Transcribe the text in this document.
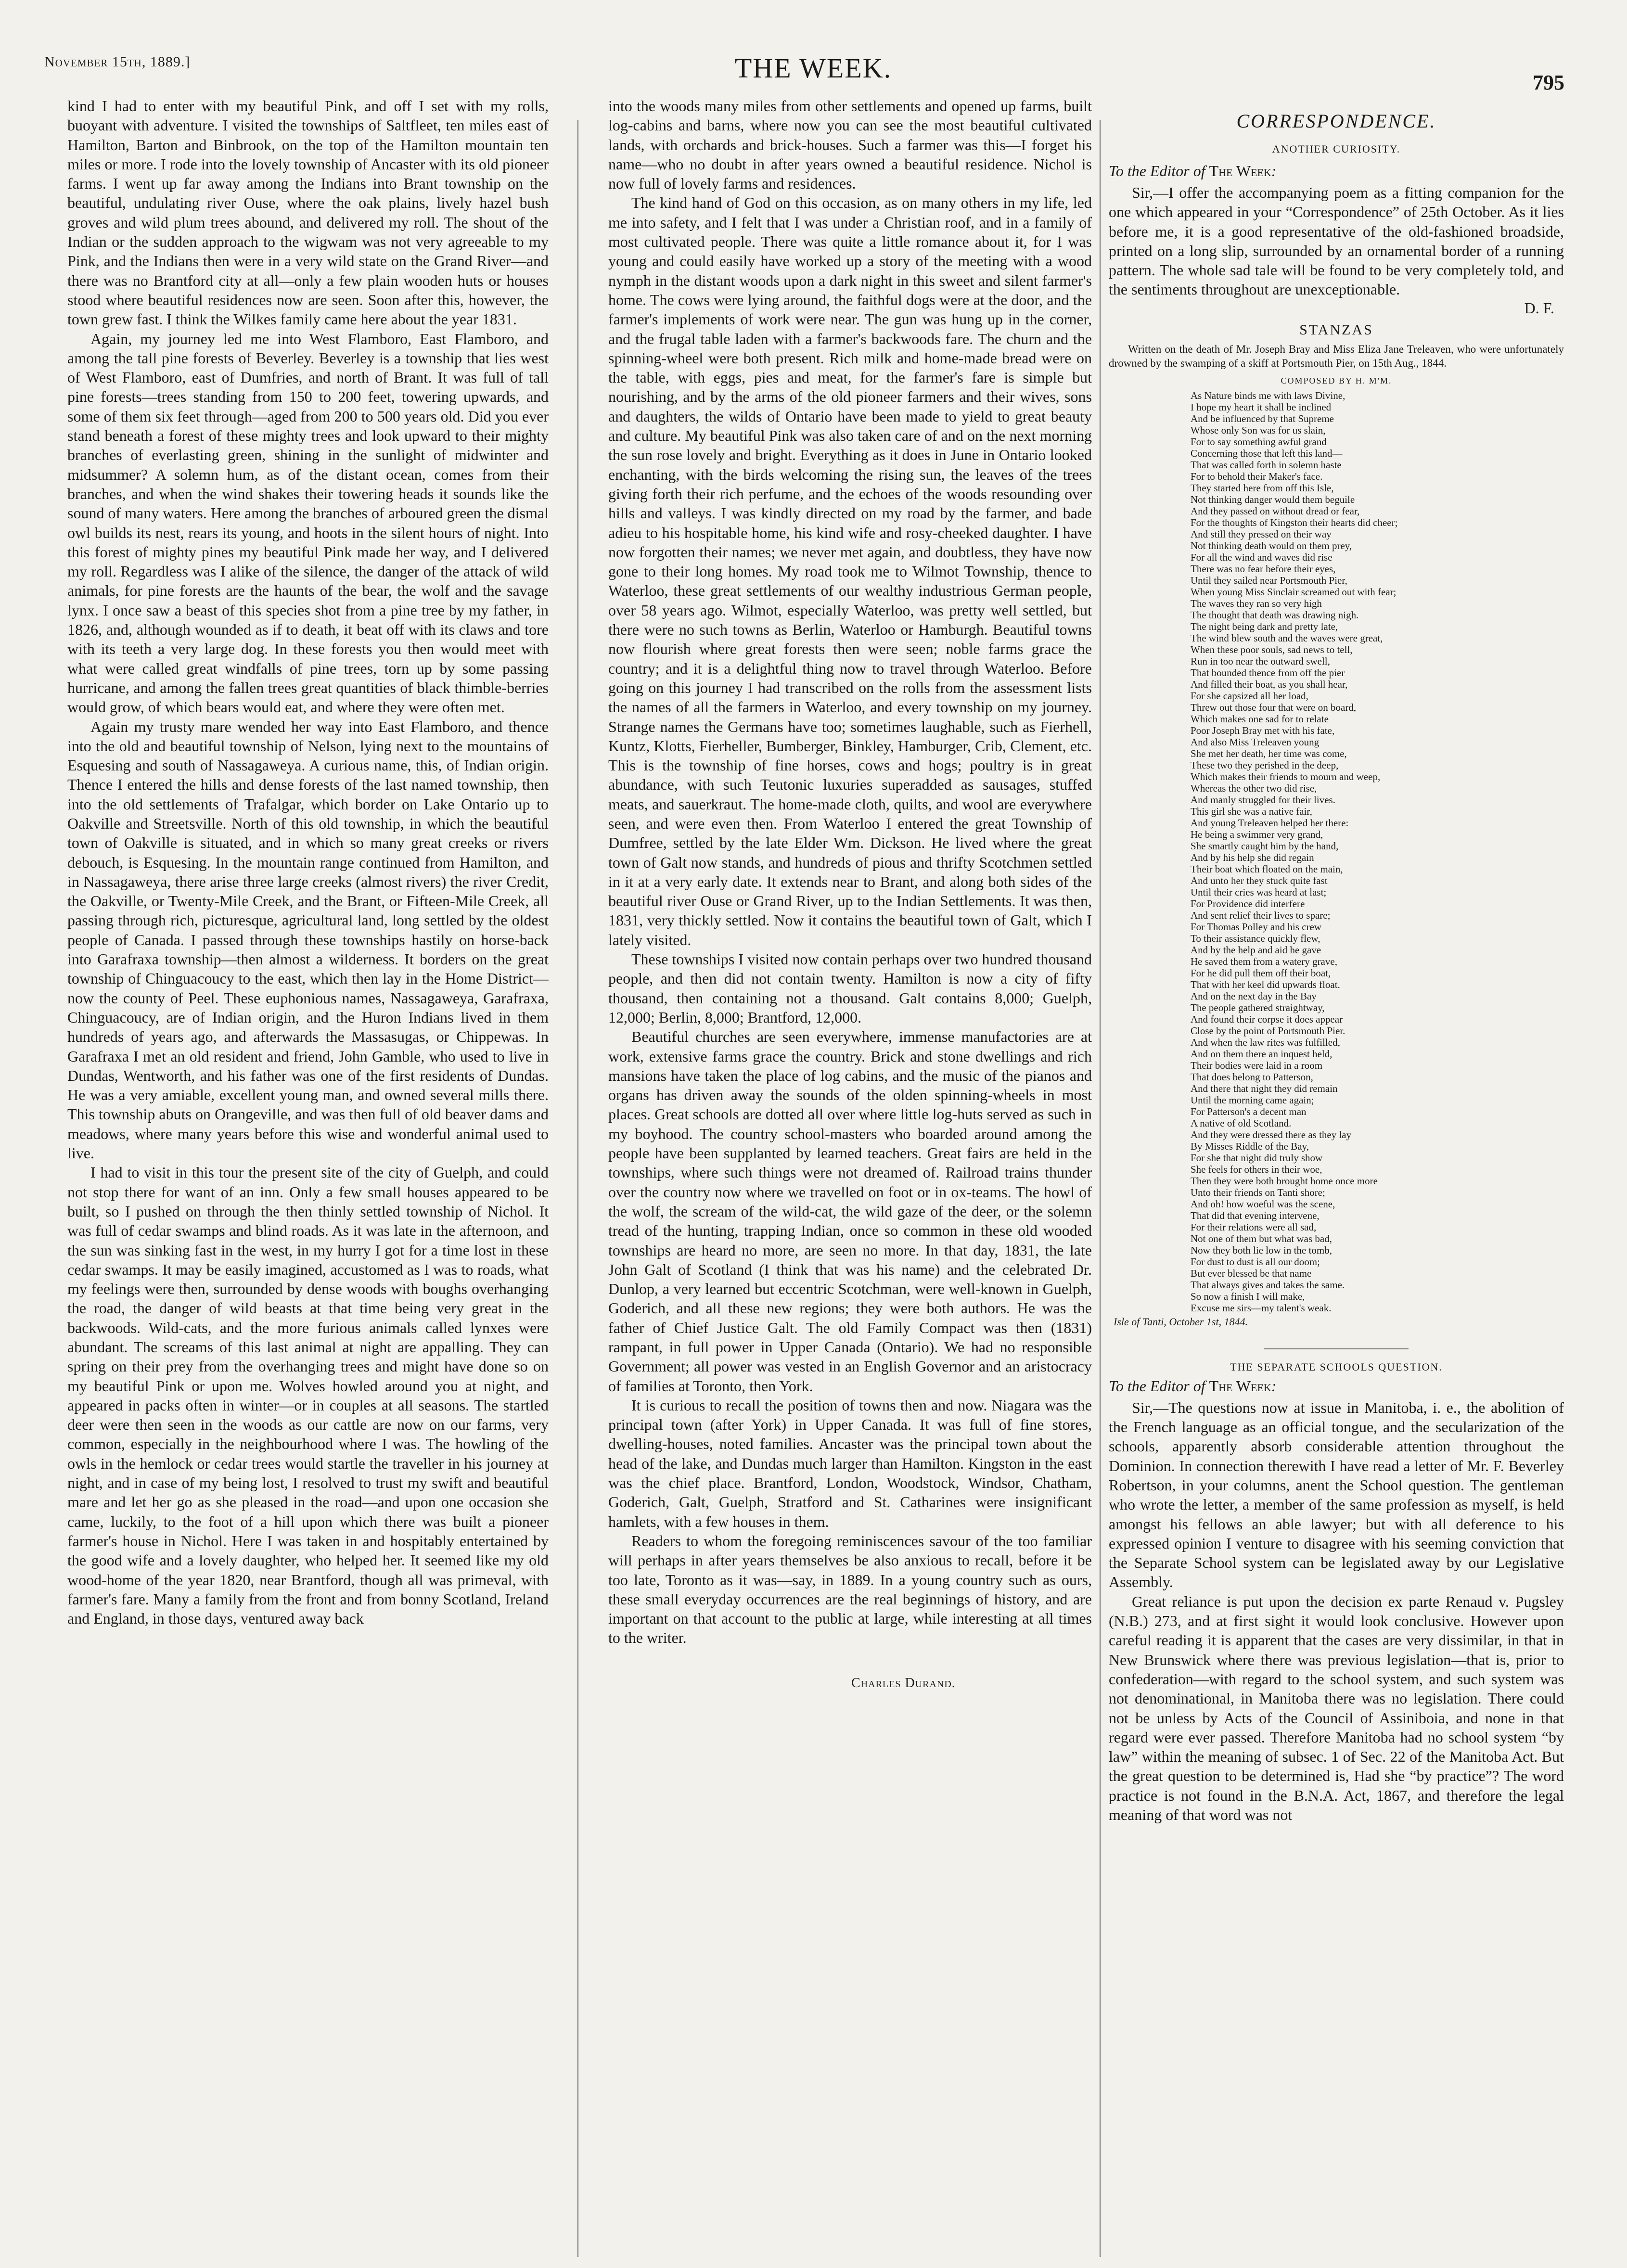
November 15th, 1889.]	THE WEEK.	795

kind I had to enter with my beautiful Pink, and off I set with my rolls, buoyant with adventure. I visited the townships of Saltfleet, ten miles east of Hamilton, Barton and Binbrook, on the top of the Hamilton mountain ten miles or more. I rode into the lovely township of Ancaster with its old pioneer farms. I went up far away among the Indians into Brant township on the beautiful, undulating river Ouse, where the oak plains, lively hazel bush groves and wild plum trees abound, and delivered my roll. The shout of the Indian or the sudden approach to the wigwam was not very agreeable to my Pink, and the Indians then were in a very wild state on the Grand River—and there was no Brantford city at all—only a few plain wooden huts or houses stood where beautiful residences now are seen. Soon after this, however, the town grew fast. I think the Wilkes family came here about the year 1831.

Again, my journey led me into West Flamboro, East Flamboro, and among the tall pine forests of Beverley. Beverley is a township that lies west of West Flamboro, east of Dumfries, and north of Brant. It was full of tall pine forests—trees standing from 150 to 200 feet, towering upwards, and some of them six feet through—aged from 200 to 500 years old. Did you ever stand beneath a forest of these mighty trees and look upward to their mighty branches of everlasting green, shining in the sunlight of midwinter and midsummer? A solemn hum, as of the distant ocean, comes from their branches, and when the wind shakes their towering heads it sounds like the sound of many waters. Here among the branches of arboured green the dismal owl builds its nest, rears its young, and hoots in the silent hours of night. Into this forest of mighty pines my beautiful Pink made her way, and I delivered my roll. Regardless was I alike of the silence, the danger of the attack of wild animals, for pine forests are the haunts of the bear, the wolf and the savage lynx. I once saw a beast of this species shot from a pine tree by my father, in 1826, and, although wounded as if to death, it beat off with its claws and tore with its teeth a very large dog. In these forests you then would meet with what were called great windfalls of pine trees, torn up by some passing hurricane, and among the fallen trees great quantities of black thimble-berries would grow, of which bears would eat, and where they were often met.

Again my trusty mare wended her way into East Flamboro, and thence into the old and beautiful township of Nelson, lying next to the mountains of Esquesing and south of Nassagaweya. A curious name, this, of Indian origin. Thence I entered the hills and dense forests of the last named township, then into the old settlements of Trafalgar, which border on Lake Ontario up to Oakville and Streetsville. North of this old township, in which the beautiful town of Oakville is situated, and in which so many great creeks or rivers debouch, is Esquesing. In the mountain range continued from Hamilton, and in Nassagaweya, there arise three large creeks (almost rivers) the river Credit, the Oakville, or Twenty-Mile Creek, and the Brant, or Fifteen-Mile Creek, all passing through rich, picturesque, agricultural land, long settled by the oldest people of Canada. I passed through these townships hastily on horse-back into Garafraxa township—then almost a wilderness. It borders on the great township of Chinguacoucy to the east, which then lay in the Home District—now the county of Peel. These euphonious names, Nassagaweya, Garafraxa, Chinguacoucy, are of Indian origin, and the Huron Indians lived in them hundreds of years ago, and afterwards the Massasugas, or Chippewas. In Garafraxa I met an old resident and friend, John Gamble, who used to live in Dundas, Wentworth, and his father was one of the first residents of Dundas. He was a very amiable, excellent young man, and owned several mills there. This township abuts on Orangeville, and was then full of old beaver dams and meadows, where many years before this wise and wonderful animal used to live.

I had to visit in this tour the present site of the city of Guelph, and could not stop there for want of an inn. Only a few small houses appeared to be built, so I pushed on through the then thinly settled township of Nichol. It was full of cedar swamps and blind roads. As it was late in the afternoon, and the sun was sinking fast in the west, in my hurry I got for a time lost in these cedar swamps. It may be easily imagined, accustomed as I was to roads, what my feelings were then, surrounded by dense woods with boughs overhanging the road, the danger of wild beasts at that time being very great in the backwoods. Wild-cats, and the more furious animals called lynxes were abundant. The screams of this last animal at night are appalling. They can spring on their prey from the overhanging trees and might have done so on my beautiful Pink or upon me. Wolves howled around you at night, and appeared in packs often in winter—or in couples at all seasons. The startled deer were then seen in the woods as our cattle are now on our farms, very common, especially in the neighbourhood where I was. The howling of the owls in the hemlock or cedar trees would startle the traveller in his journey at night, and in case of my being lost, I resolved to trust my swift and beautiful mare and let her go as she pleased in the road—and upon one occasion she came, luckily, to the foot of a hill upon which there was built a pioneer farmer's house in Nichol. Here I was taken in and hospitably entertained by the good wife and a lovely daughter, who helped her. It seemed like my old wood-home of the year 1820, near Brantford, though all was primeval, with farmer's fare. Many a family from the front and from bonny Scotland, Ireland and England, in those days, ventured away back

into the woods many miles from other settlements and opened up farms, built log-cabins and barns, where now you can see the most beautiful cultivated lands, with orchards and brick-houses. Such a farmer was this—I forget his name—who no doubt in after years owned a beautiful residence. Nichol is now full of lovely farms and residences.

The kind hand of God on this occasion, as on many others in my life, led me into safety, and I felt that I was under a Christian roof, and in a family of most cultivated people. There was quite a little romance about it, for I was young and could easily have worked up a story of the meeting with a wood nymph in the distant woods upon a dark night in this sweet and silent farmer's home. The cows were lying around, the faithful dogs were at the door, and the farmer's implements of work were near. The gun was hung up in the corner, and the frugal table laden with a farmer's backwoods fare. The churn and the spinning-wheel were both present. Rich milk and home-made bread were on the table, with eggs, pies and meat, for the farmer's fare is simple but nourishing, and by the arms of the old pioneer farmers and their wives, sons and daughters, the wilds of Ontario have been made to yield to great beauty and culture. My beautiful Pink was also taken care of and on the next morning the sun rose lovely and bright. Everything as it does in June in Ontario looked enchanting, with the birds welcoming the rising sun, the leaves of the trees giving forth their rich perfume, and the echoes of the woods resounding over hills and valleys. I was kindly directed on my road by the farmer, and bade adieu to his hospitable home, his kind wife and rosy-cheeked daughter. I have now forgotten their names; we never met again, and doubtless, they have now gone to their long homes. My road took me to Wilmot Township, thence to Waterloo, these great settlements of our wealthy industrious German people, over 58 years ago. Wilmot, especially Waterloo, was pretty well settled, but there were no such towns as Berlin, Waterloo or Hamburgh. Beautiful towns now flourish where great forests then were seen; noble farms grace the country; and it is a delightful thing now to travel through Waterloo. Before going on this journey I had transcribed on the rolls from the assessment lists the names of all the farmers in Waterloo, and every township on my journey. Strange names the Germans have too; sometimes laughable, such as Fierhell, Kuntz, Klotts, Fierheller, Bumberger, Binkley, Hamburger, Crib, Clement, etc. This is the township of fine horses, cows and hogs; poultry is in great abundance, with such Teutonic luxuries superadded as sausages, stuffed meats, and sauerkraut. The home-made cloth, quilts, and wool are everywhere seen, and were even then. From Waterloo I entered the great Township of Dumfree, settled by the late Elder Wm. Dickson. He lived where the great town of Galt now stands, and hundreds of pious and thrifty Scotchmen settled in it at a very early date. It extends near to Brant, and along both sides of the beautiful river Ouse or Grand River, up to the Indian Settlements. It was then, 1831, very thickly settled. Now it contains the beautiful town of Galt, which I lately visited.

These townships I visited now contain perhaps over two hundred thousand people, and then did not contain twenty. Hamilton is now a city of fifty thousand, then containing not a thousand. Galt contains 8,000; Guelph, 12,000; Berlin, 8,000; Brantford, 12,000.

Beautiful churches are seen everywhere, immense manufactories are at work, extensive farms grace the country. Brick and stone dwellings and rich mansions have taken the place of log cabins, and the music of the pianos and organs has driven away the sounds of the olden spinning-wheels in most places. Great schools are dotted all over where little log-huts served as such in my boyhood. The country school-masters who boarded around among the people have been supplanted by learned teachers. Great fairs are held in the townships, where such things were not dreamed of. Railroad trains thunder over the country now where we travelled on foot or in ox-teams. The howl of the wolf, the scream of the wild-cat, the wild gaze of the deer, or the solemn tread of the hunting, trapping Indian, once so common in these old wooded townships are heard no more, are seen no more. In that day, 1831, the late John Galt of Scotland (I think that was his name) and the celebrated Dr. Dunlop, a very learned but eccentric Scotchman, were well-known in Guelph, Goderich, and all these new regions; they were both authors. He was the father of Chief Justice Galt. The old Family Compact was then (1831) rampant, in full power in Upper Canada (Ontario). We had no responsible Government; all power was vested in an English Governor and an aristocracy of families at Toronto, then York.

It is curious to recall the position of towns then and now. Niagara was the principal town (after York) in Upper Canada. It was full of fine stores, dwelling-houses, noted families. Ancaster was the principal town about the head of the lake, and Dundas much larger than Hamilton. Kingston in the east was the chief place. Brantford, London, Woodstock, Windsor, Chatham, Goderich, Galt, Guelph, Stratford and St. Catharines were insignificant hamlets, with a few houses in them.

Readers to whom the foregoing reminiscences savour of the too familiar will perhaps in after years themselves be also anxious to recall, before it be too late, Toronto as it was—say, in 1889. In a young country such as ours, these small everyday occurrences are the real beginnings of history, and are important on that account to the public at large, while interesting at all times to the writer.

Charles Durand.
CORRESPONDENCE.
ANOTHER CURIOSITY.
To the Editor of The Week:

Sir,—I offer the accompanying poem as a fitting companion for the one which appeared in your “Correspondence” of 25th October. As it lies before me, it is a good representative of the old-fashioned broadside, printed on a long slip, surrounded by an ornamental border of a running pattern. The whole sad tale will be found to be very completely told, and the sentiments throughout are unexceptionable.

D. F.
STANZAS

Written on the death of Mr. Joseph Bray and Miss Eliza Jane Treleaven, who were unfortunately drowned by the swamping of a skiff at Portsmouth Pier, on 15th Aug., 1844.

COMPOSED BY H. M'M.
As Nature binds me with laws Divine,
I hope my heart it shall be inclined
And be influenced by that Supreme
Whose only Son was for us slain,
For to say something awful grand
Concerning those that left this land—
That was called forth in solemn haste
For to behold their Maker's face.
They started here from off this Isle,
Not thinking danger would them beguile
And they passed on without dread or fear,
For the thoughts of Kingston their hearts did cheer;
And still they pressed on their way
Not thinking death would on them prey,
For all the wind and waves did rise
There was no fear before their eyes,
Until they sailed near Portsmouth Pier,
When young Miss Sinclair screamed out with fear;
The waves they ran so very high
The thought that death was drawing nigh.
The night being dark and pretty late,
The wind blew south and the waves were great,
When these poor souls, sad news to tell,
Run in too near the outward swell,
That bounded thence from off the pier
And filled their boat, as you shall hear,
For she capsized all her load,
Threw out those four that were on board,
Which makes one sad for to relate
Poor Joseph Bray met with his fate,
And also Miss Treleaven young
She met her death, her time was come,
These two they perished in the deep,
Which makes their friends to mourn and weep,
Whereas the other two did rise,
And manly struggled for their lives.
This girl she was a native fair,
And young Treleaven helped her there:
He being a swimmer very grand,
She smartly caught him by the hand,
And by his help she did regain
Their boat which floated on the main,
And unto her they stuck quite fast
Until their cries was heard at last;
For Providence did interfere
And sent relief their lives to spare;
For Thomas Polley and his crew
To their assistance quickly flew,
And by the help and aid he gave
He saved them from a watery grave,
For he did pull them off their boat,
That with her keel did upwards float.
And on the next day in the Bay
The people gathered straightway,
And found their corpse it does appear
Close by the point of Portsmouth Pier.
And when the law rites was fulfilled,
And on them there an inquest held,
Their bodies were laid in a room
That does belong to Patterson,
And there that night they did remain
Until the morning came again;
For Patterson's a decent man
A native of old Scotland.
And they were dressed there as they lay
By Misses Riddle of the Bay,
For she that night did truly show
She feels for others in their woe,
Then they were both brought home once more
Unto their friends on Tanti shore;
And oh! how woeful was the scene,
That did that evening intervene,
For their relations were all sad,
Not one of them but what was bad,
Now they both lie low in the tomb,
For dust to dust is all our doom;
But ever blessed be that name
That always gives and takes the same.
So now a finish I will make,
Excuse me sirs—my talent's weak.
Isle of Tanti, October 1st, 1844.
THE SEPARATE SCHOOLS QUESTION.
To the Editor of The Week:

Sir,—The questions now at issue in Manitoba, i. e., the abolition of the French language as an official tongue, and the secularization of the schools, apparently absorb considerable attention throughout the Dominion. In connection therewith I have read a letter of Mr. F. Beverley Robertson, in your columns, anent the School question. The gentleman who wrote the letter, a member of the same profession as myself, is held amongst his fellows an able lawyer; but with all deference to his expressed opinion I venture to disagree with his seeming conviction that the Separate School system can be legislated away by our Legislative Assembly.

Great reliance is put upon the decision ex parte Renaud v. Pugsley (N.B.) 273, and at first sight it would look conclusive. However upon careful reading it is apparent that the cases are very dissimilar, in that in New Brunswick where there was previous legislation—that is, prior to confederation—with regard to the school system, and such system was not denominational, in Manitoba there was no legislation. There could not be unless by Acts of the Council of Assiniboia, and none in that regard were ever passed. Therefore Manitoba had no school system “by law” within the meaning of subsec. 1 of Sec. 22 of the Manitoba Act. But the great question to be determined is, Had she “by practice”? The word practice is not found in the B.N.A. Act, 1867, and therefore the legal meaning of that word was not
